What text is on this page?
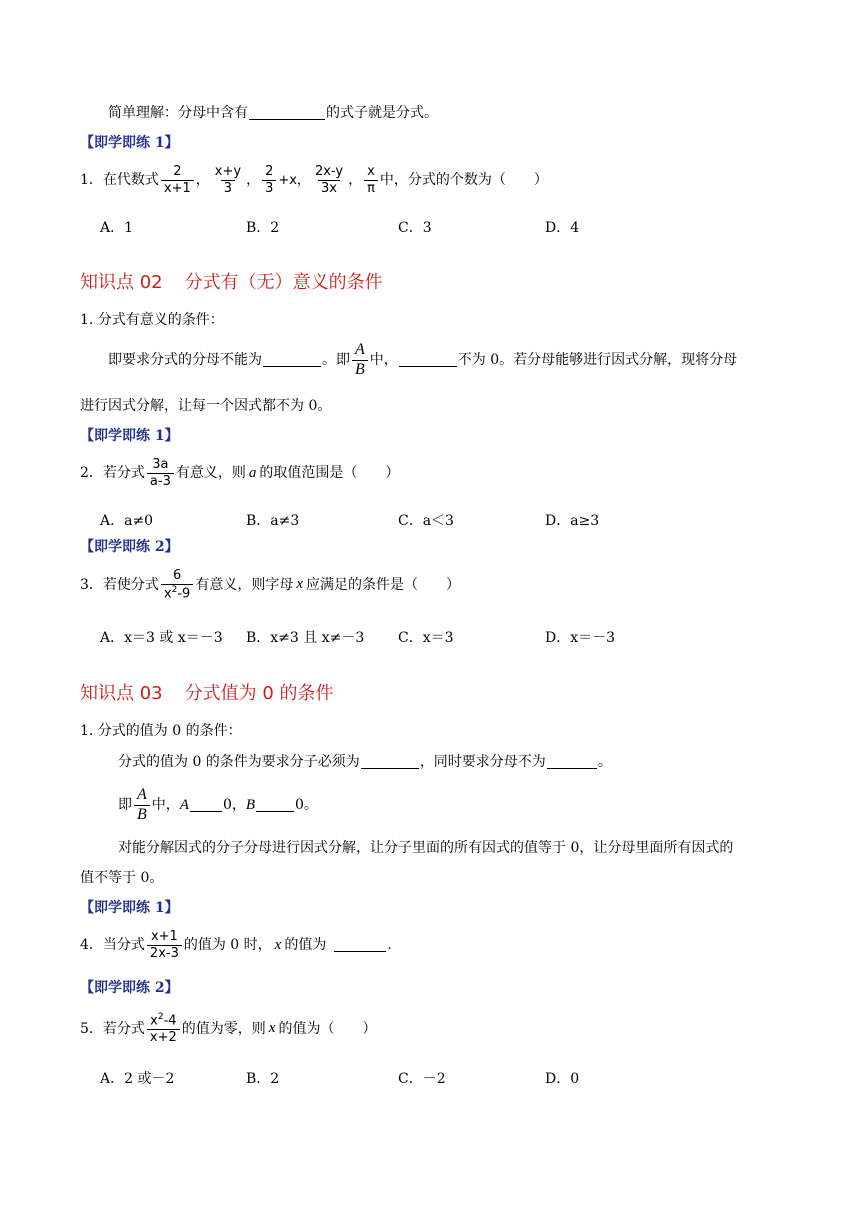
简单理解：分母中含有	的式子就是分式。
【即学即练 1】
1．在代数式 $\frac{2}{x+1}$ ， $\frac{x+y}{3}$ ， $\frac{2}{3} +x$， $\frac{2x-y}{3x}$ ， $\frac{x}{\pi}$ 中，分式的个数为（　　）
A．1	B．2	C．3	D．4
知识点 02 分式有（无）意义的条件
1. 分式有意义的条件：
即要求分式的分母不能为	。即 $\frac{A}{B}$ 中，	不为 0。若分母能够进行因式分解，现将分母
进行因式分解，让每一个因式都不为 0。
【即学即练 1】
2．若分式 $\frac{3a}{a-3}$ 有意义，则 a 的取值范围是（　　）
A．a≠0	B．a≠3	C．a＜3	D．a≥3
【即学即练 2】
3．若使分式 $\frac{6}{x^2-9}$ 有意义，则字母 x 应满足的条件是（　　）
A．x＝3 或 x＝－3 B．x≠3 且 x≠－3 C．x＝3	D．x＝－3
知识点 03 分式值为 0 的条件
1. 分式的值为 0 的条件：
分式的值为 0 的条件为要求分子必须为	，同时要求分母不为	。
即 $\frac{A}{B}$ 中， A 0， B	0。
对能分解因式的分子分母进行因式分解，让分子里面的所有因式的值等于 0，让分母里面所有因式的
值不等于 0。
【即学即练 1】
4．当分式 $\frac{x+1}{2x-3}$ 的值为 0 时， x 的值为	.
【即学即练 2】
5．若分式 $\frac{x^2-4}{x+2}$ 的值为零，则 x 的值为（　　）
A．2 或－2	B．2	C．－2	D．0
